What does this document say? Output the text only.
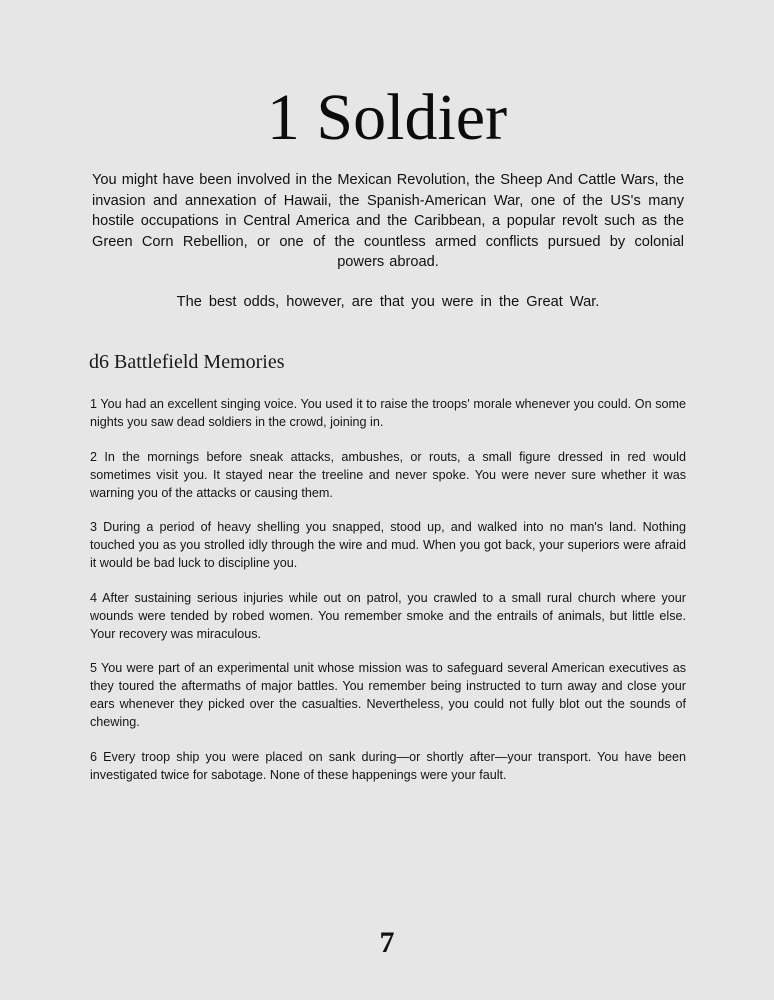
1 Soldier

You might have been involved in the Mexican Revolution, the Sheep And Cattle Wars, the invasion and annexation of Hawaii, the Spanish-American War, one of the US's many hostile occupations in Central America and the Caribbean, a popular revolt such as the Green Corn Rebellion, or one of the countless armed conflicts pursued by colonial powers abroad.

The best odds, however, are that you were in the Great War.

d6 Battlefield Memories

1 You had an excellent singing voice. You used it to raise the troops' morale whenever you could. On some nights you saw dead soldiers in the crowd, joining in.

2 In the mornings before sneak attacks, ambushes, or routs, a small figure dressed in red would sometimes visit you. It stayed near the treeline and never spoke. You were never sure whether it was warning you of the attacks or causing them.

3 During a period of heavy shelling you snapped, stood up, and walked into no man's land. Nothing touched you as you strolled idly through the wire and mud. When you got back, your superiors were afraid it would be bad luck to discipline you.

4 After sustaining serious injuries while out on patrol, you crawled to a small rural church where your wounds were tended by robed women. You remember smoke and the entrails of animals, but little else. Your recovery was miraculous.

5 You were part of an experimental unit whose mission was to safeguard several American executives as they toured the aftermaths of major battles. You remember being instructed to turn away and close your ears whenever they picked over the casualties. Nevertheless, you could not fully blot out the sounds of chewing.

6 Every troop ship you were placed on sank during—or shortly after—your transport. You have been investigated twice for sabotage. None of these happenings were your fault.

7
